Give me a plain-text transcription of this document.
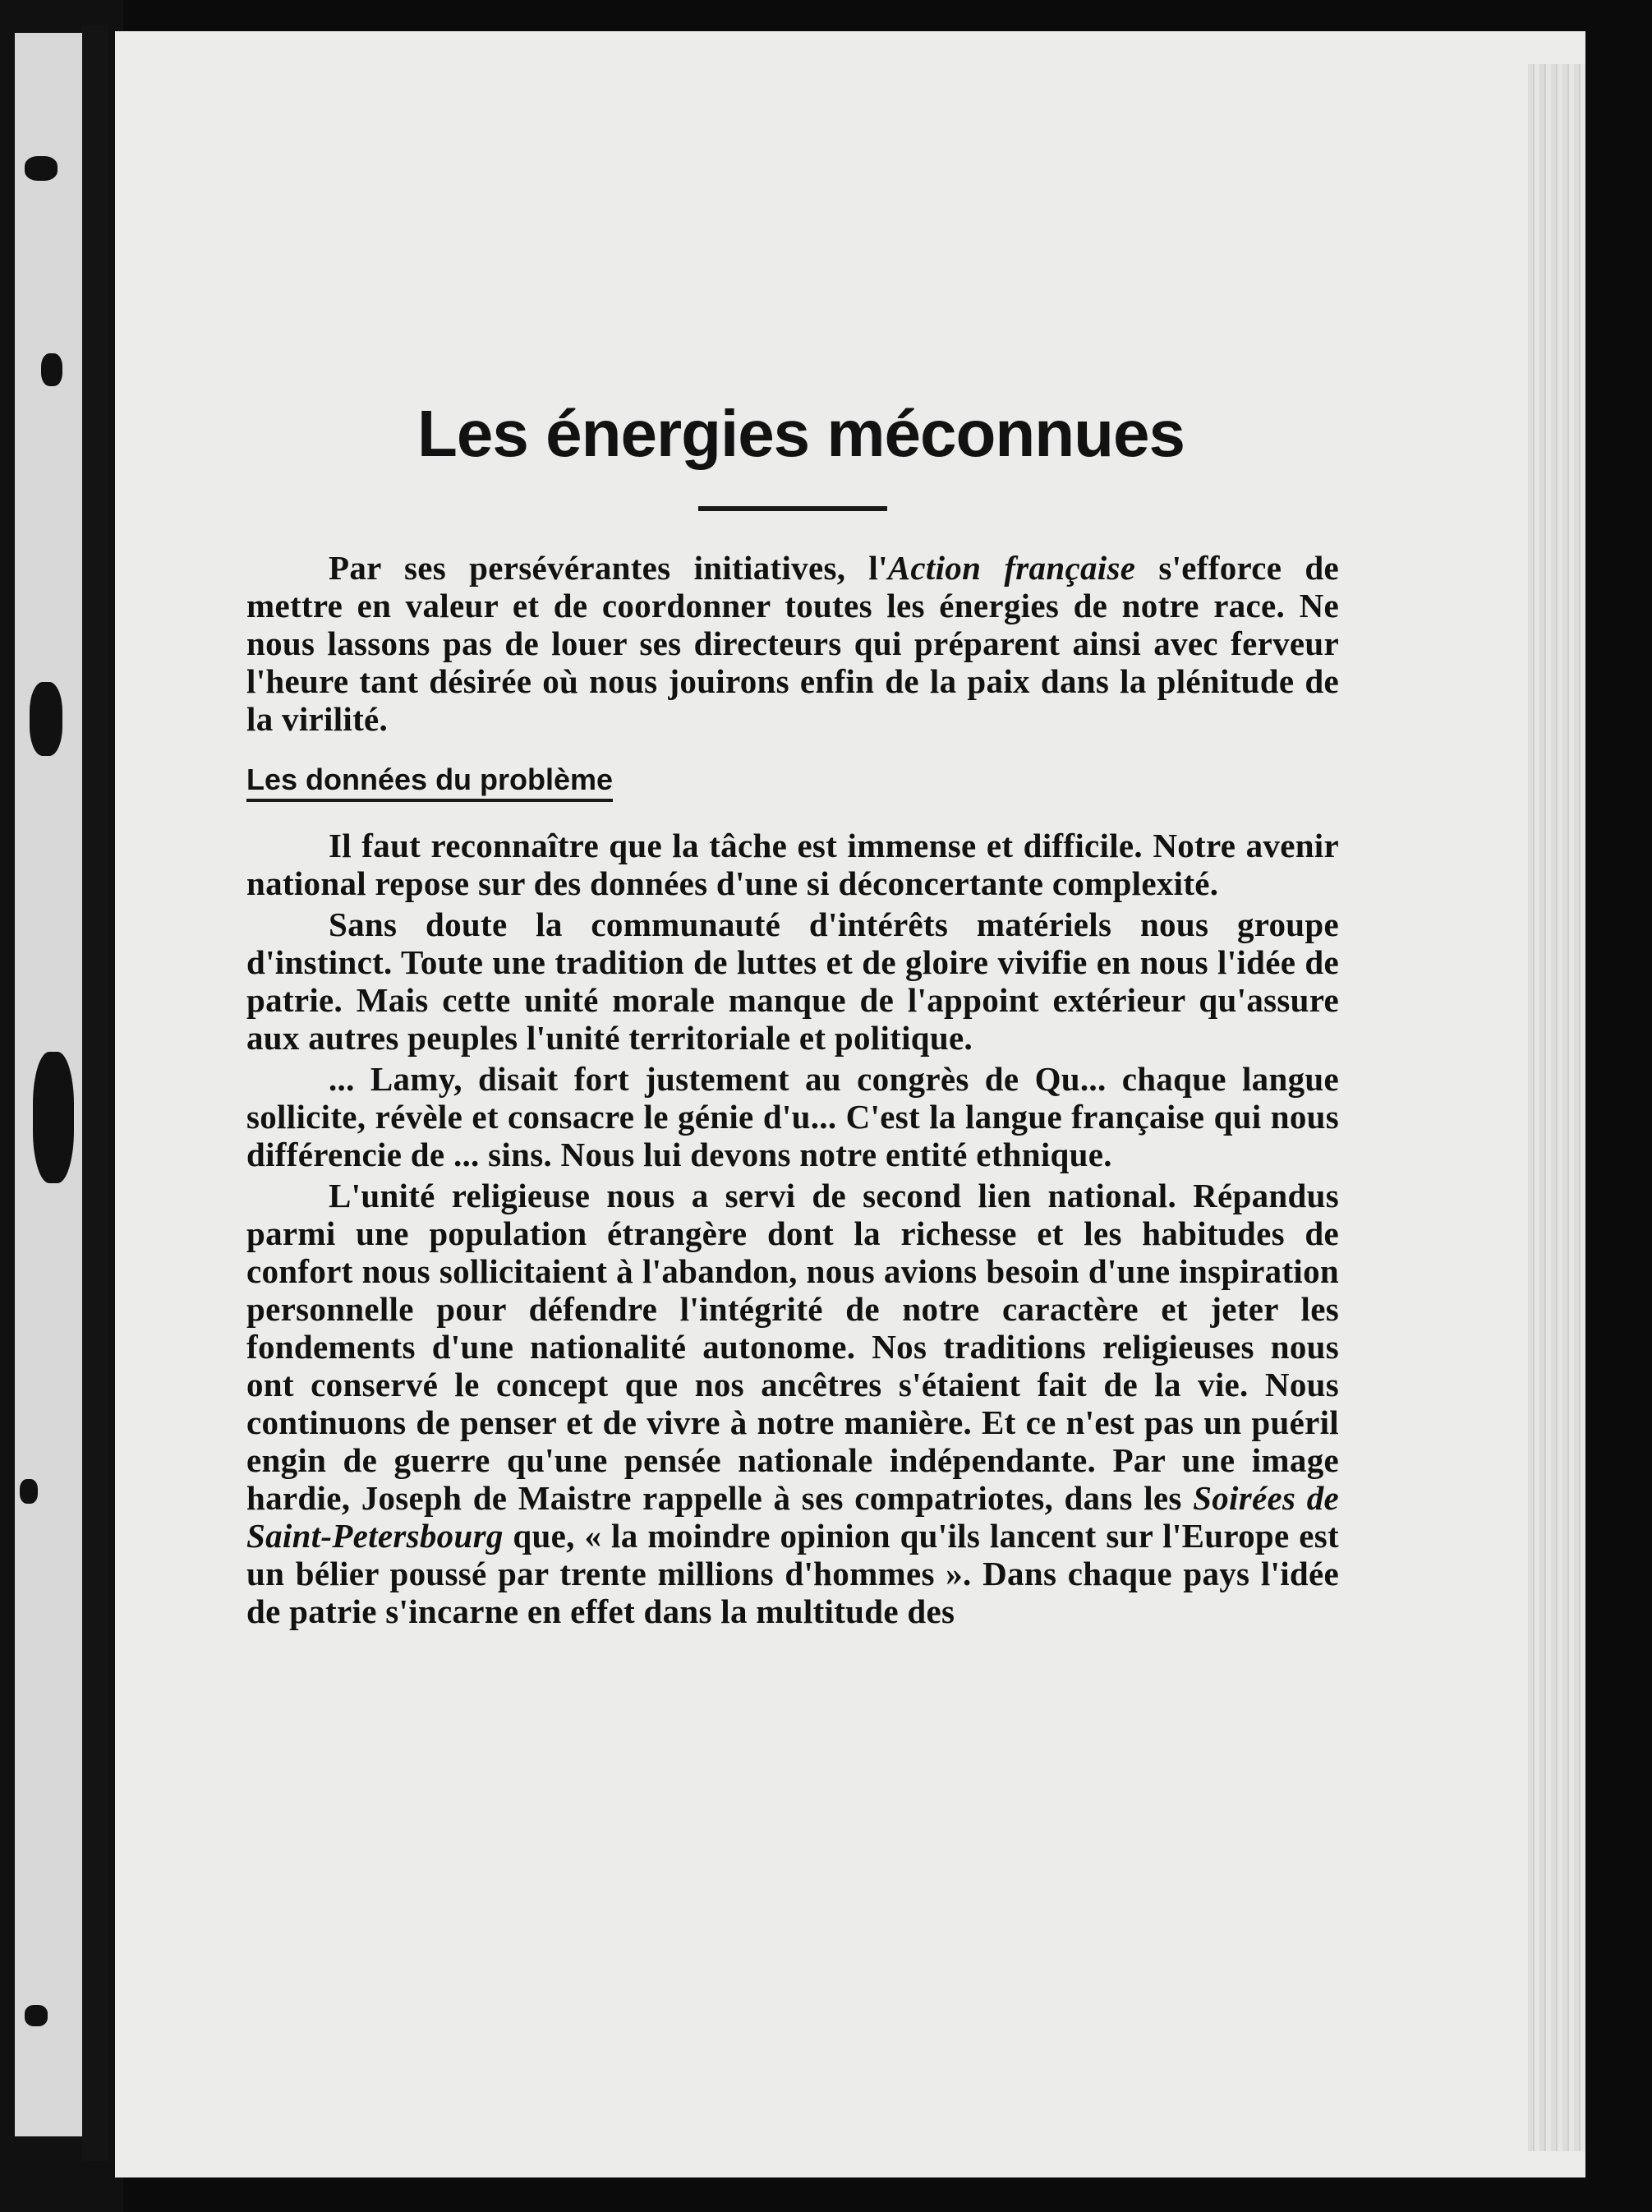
Les énergies méconnues

Par ses persévérantes initiatives, l'Action française s'efforce de mettre en valeur et de coordonner toutes les énergies de notre race. Ne nous lassons pas de louer ses directeurs qui préparent ainsi avec ferveur l'heure tant désirée où nous jouirons enfin de la paix dans la plénitude de la virilité.

Les données du problème

Il faut reconnaître que la tâche est immense et difficile. Notre avenir national repose sur des données d'une si déconcertante complexité.

Sans doute la communauté d'intérêts matériels nous groupe d'instinct. Toute une tradition de luttes et de gloire vivifie en nous l'idée de patrie. Mais cette unité morale manque de l'appoint extérieur qu'assure aux autres peuples l'unité territoriale et politique.

... Lamy, disait fort justement au congrès de Qu... chaque langue sollicite, révèle et consacre le génie d'u... C'est la langue française qui nous différencie de ... sins. Nous lui devons notre entité ethnique.

L'unité religieuse nous a servi de second lien national. Répandus parmi une population étrangère dont la richesse et les habitudes de confort nous sollicitaient à l'abandon, nous avions besoin d'une inspiration personnelle pour défendre l'intégrité de notre caractère et jeter les fondements d'une nationalité autonome. Nos traditions religieuses nous ont conservé le concept que nos ancêtres s'étaient fait de la vie. Nous continuons de penser et de vivre à notre manière. Et ce n'est pas un puéril engin de guerre qu'une pensée nationale indépendante. Par une image hardie, Joseph de Maistre rappelle à ses compatriotes, dans les Soirées de Saint-Petersbourg que, « la moindre opinion qu'ils lancent sur l'Europe est un bélier poussé par trente millions d'hommes ». Dans chaque pays l'idée de patrie s'incarne en effet dans la multitude des
